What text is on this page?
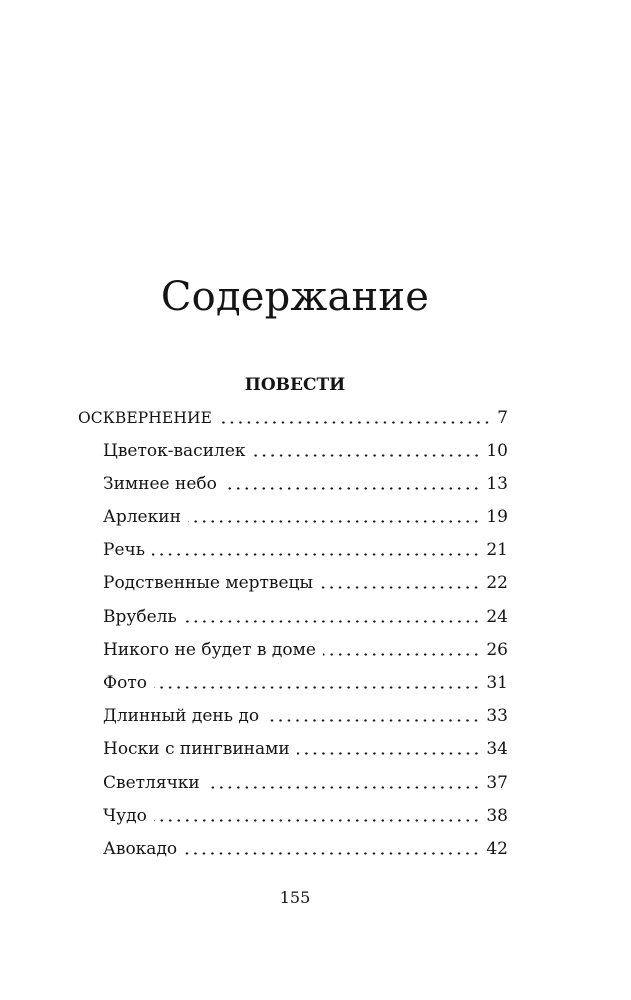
Содержание
ПОВЕСТИ
ОСКВЕРНЕНИЕ	7
Цветок-василек	10
Зимнее небо	13
Арлекин	19
Речь	21
Родственные мертвецы	22
Врубель	24
Никого не будет в доме	26
Фото	31
Длинный день до	33
Носки с пингвинами	34
Светлячки	37
Чудо	38
Авокадо	42
155
